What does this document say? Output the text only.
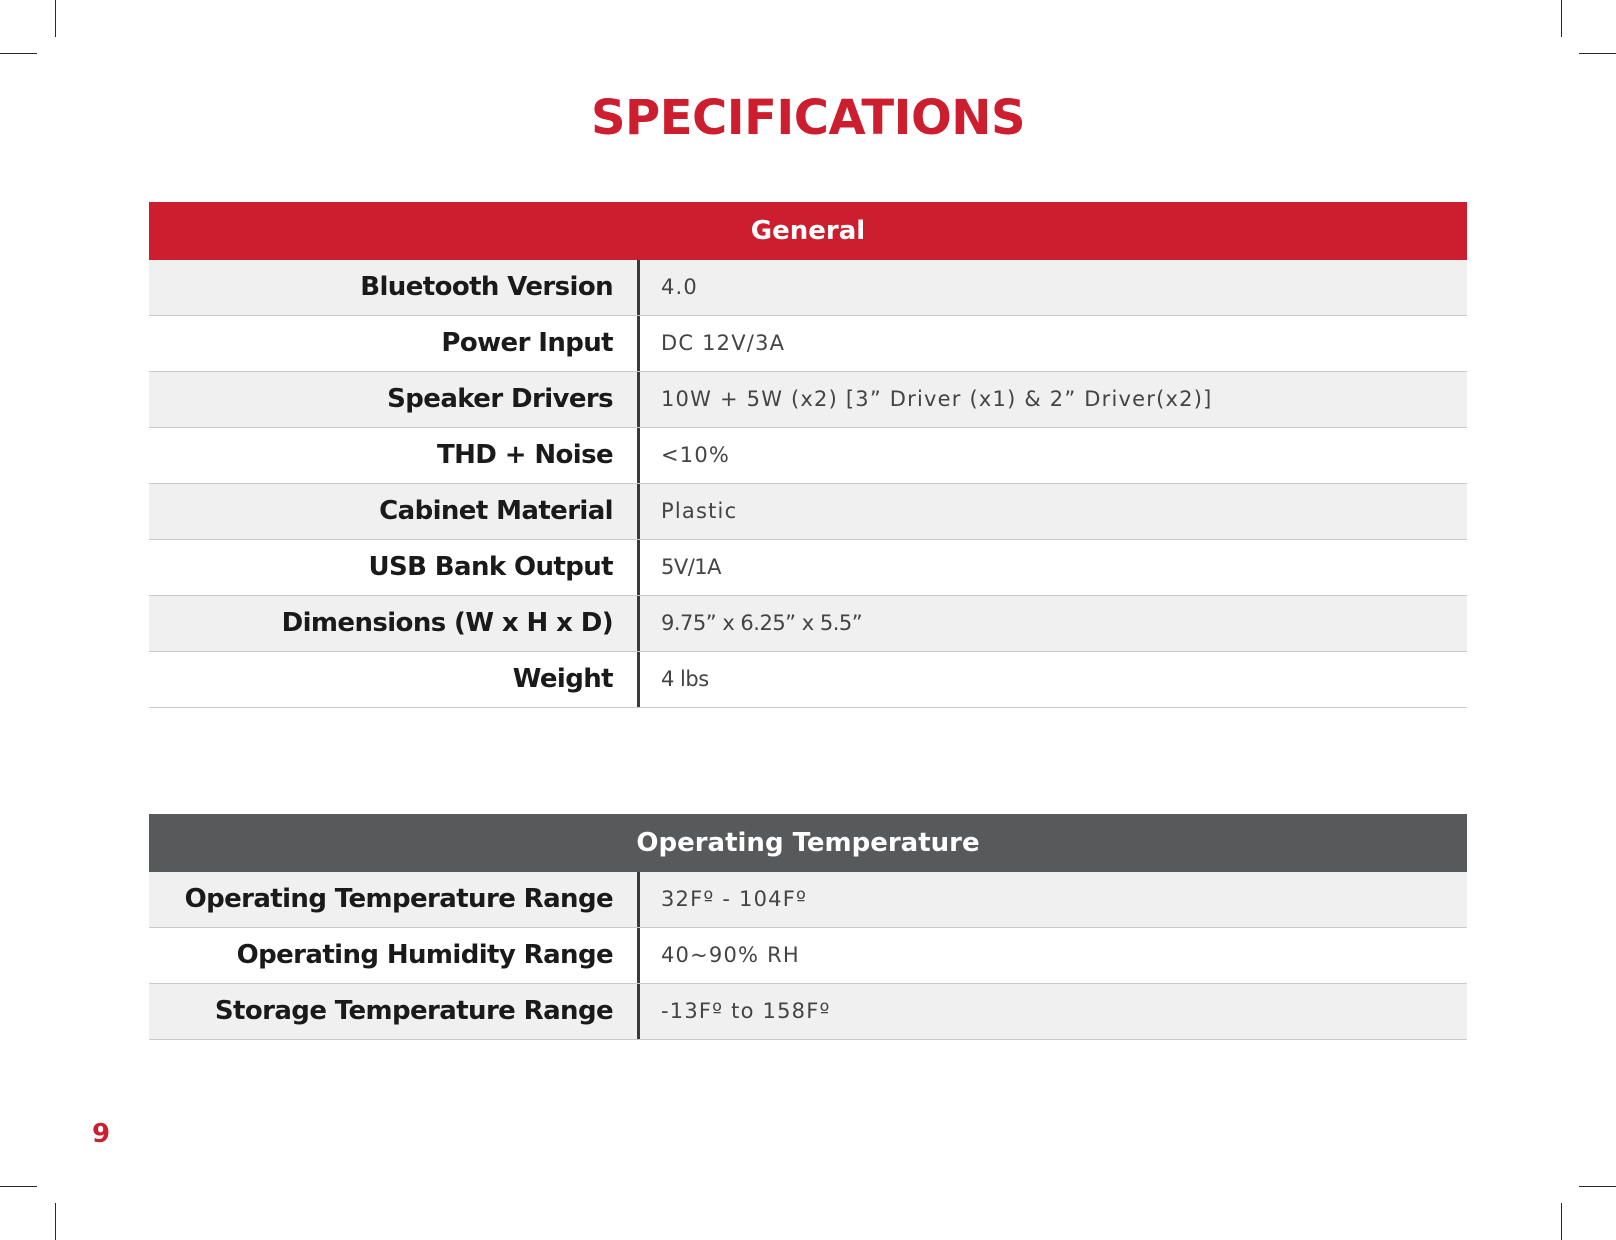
SPECIFICATIONS
General
Bluetooth Version	4.0
Power Input	DC 12V/3A
Speaker Drivers	10W + 5W (x2) [3” Driver (x1) & 2” Driver(x2)]
THD + Noise	<10%
Cabinet Material	Plastic
USB Bank Output	5V/1A
Dimensions (W x H x D)	9.75” x 6.25” x 5.5”
Weight	4 lbs
Operating Temperature
Operating Temperature Range	32Fº - 104Fº
Operating Humidity Range	40~90% RH
Storage Temperature Range	-13Fº to 158Fº
9
